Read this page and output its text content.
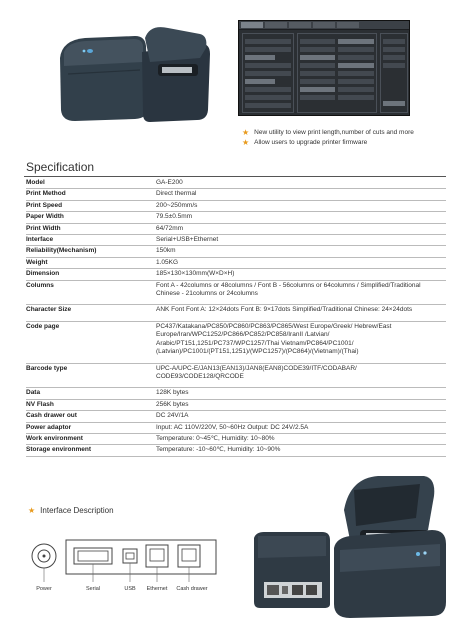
★ New utility to view print length,number of cuts and more
★ Allow users to upgrade printer firmware
Specification
Model	GA-E200
Print Method	Direct thermal
Print Speed	200~250mm/s
Paper Width	79.5±0.5mm
Print Width	64/72mm
Interface	Serial+USB+Ethernet
Reliability(Mechanism)	150km
Weight	1.05KG
Dimension	185×130×130mm(W×D×H)
Columns	Font A - 42columns or 48columns / Font B - 56columns or 64columns / Simplified/Traditional Chinese - 21columns or 24columns
Character Size	ANK Font Font A: 12×24dots Font B: 9×17dots Simplified/Traditional Chinese: 24×24dots
Code page	PC437/Katakana/PC850/PC860/PC863/PC865/West Europe/Greek/ Hebrew/East Europe/Iran/WPC1252/PC866/PC852/PC858/IranII /Latvian/ Arabic/PT151,1251/PC737/WPC1257/Thai Vietnam/PC864/PC1001/ (Latvian)/PC1001/(PT151,1251)/(WPC1257)/(PC864)/(Vietnam)/(Thai)
Barcode type	UPC-A/UPC-E/JAN13(EAN13)/JAN8(EAN8)CODE39/ITF/CODABAR/ CODE93/CODE128/QRCODE
Data	128K bytes
NV Flash	256K bytes
Cash drawer out	DC 24V/1A
Power adaptor	Input: AC 110V/220V, 50~60Hz Output: DC 24V/2.5A
Work environment	Temperature: 0~45℃, Humidity: 10~80%
Storage environment	Temperature: -10~60℃, Humidity: 10~90%
★ Interface Description
Power	Serial	USB Ethernet Cash drawer
